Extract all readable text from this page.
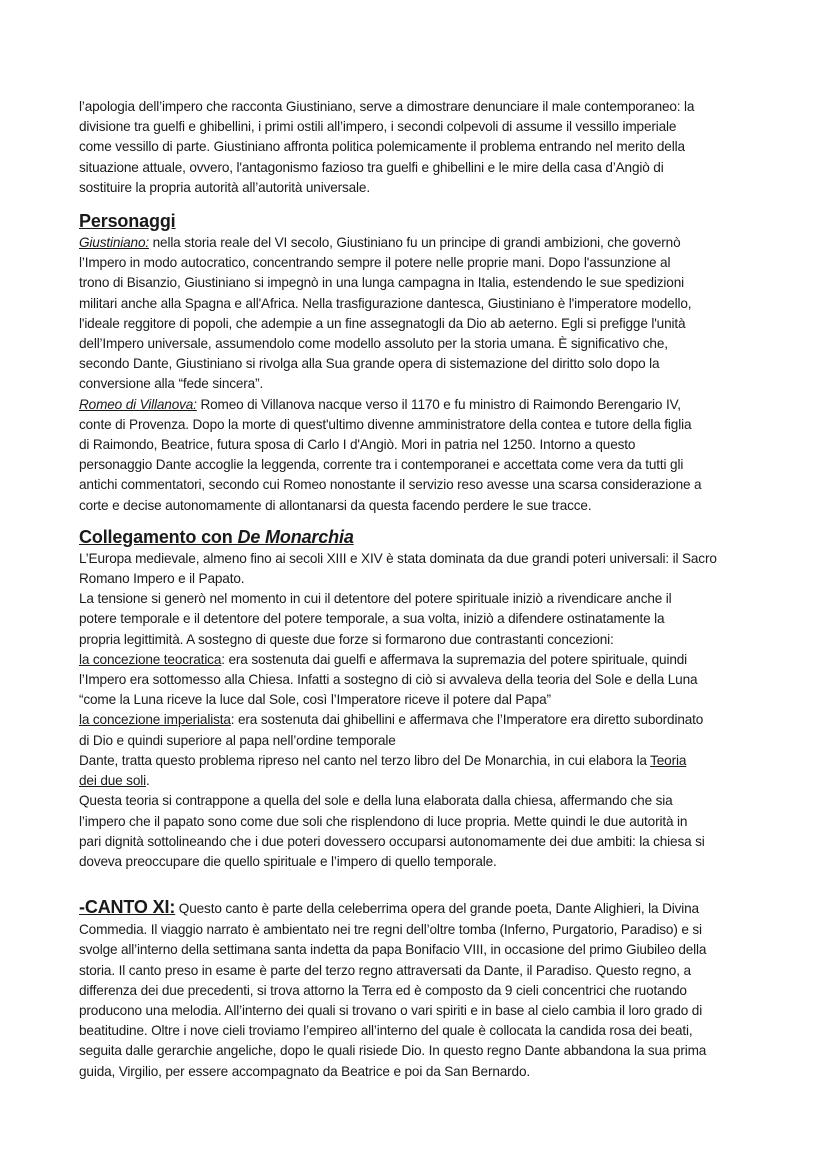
l’apologia dell’impero che racconta Giustiniano, serve a dimostrare denunciare il male contemporaneo: la
divisione tra guelfi e ghibellini, i primi ostili all’impero, i secondi colpevoli di assume il vessillo imperiale
come vessillo di parte. Giustiniano affronta politica polemicamente il problema entrando nel merito della
situazione attuale, ovvero, l'antagonismo fazioso tra guelfi e ghibellini e le mire della casa d’Angiò di
sostituire la propria autorità all’autorità universale.
Personaggi
Giustiniano: nella storia reale del VI secolo, Giustiniano fu un principe di grandi ambizioni, che governò
l’Impero in modo autocratico, concentrando sempre il potere nelle proprie mani. Dopo l'assunzione al
trono di Bisanzio, Giustiniano si impegnò in una lunga campagna in Italia, estendendo le sue spedizioni
militari anche alla Spagna e all'Africa. Nella trasfigurazione dantesca, Giustiniano è l'imperatore modello,
l'ideale reggitore di popoli, che adempie a un fine assegnatogli da Dio ab aeterno. Egli si prefigge l'unità
dell’Impero universale, assumendolo come modello assoluto per la storia umana. È significativo che,
secondo Dante, Giustiniano si rivolga alla Sua grande opera di sistemazione del diritto solo dopo la
conversione alla “fede sincera”.
Romeo di Villanova: Romeo di Villanova nacque verso il 1170 e fu ministro di Raimondo Berengario IV,
conte di Provenza. Dopo la morte di quest'ultimo divenne amministratore della contea e tutore della figlia
di Raimondo, Beatrice, futura sposa di Carlo I d'Angiò. Mori in patria nel 1250. Intorno a questo
personaggio Dante accoglie la leggenda, corrente tra i contemporanei e accettata come vera da tutti gli
antichi commentatori, secondo cui Romeo nonostante il servizio reso avesse una scarsa considerazione a
corte e decise autonomamente di allontanarsi da questa facendo perdere le sue tracce.
Collegamento con De Monarchia
L’Europa medievale, almeno fino ai secoli XIII e XIV è stata dominata da due grandi poteri universali: il Sacro
Romano Impero e il Papato.
La tensione si generò nel momento in cui il detentore del potere spirituale iniziò a rivendicare anche il
potere temporale e il detentore del potere temporale, a sua volta, iniziò a difendere ostinatamente la
propria legittimità. A sostegno di queste due forze si formarono due contrastanti concezioni:
la concezione teocratica: era sostenuta dai guelfi e affermava la supremazia del potere spirituale, quindi
l’Impero era sottomesso alla Chiesa. Infatti a sostegno di ciò si avvaleva della teoria del Sole e della Luna
“come la Luna riceve la luce dal Sole, così l’Imperatore riceve il potere dal Papa”
la concezione imperialista: era sostenuta dai ghibellini e affermava che l’Imperatore era diretto subordinato
di Dio e quindi superiore al papa nell’ordine temporale
Dante, tratta questo problema ripreso nel canto nel terzo libro del De Monarchia, in cui elabora la Teoria
dei due soli.
Questa teoria si contrappone a quella del sole e della luna elaborata dalla chiesa, affermando che sia
l’impero che il papato sono come due soli che risplendono di luce propria. Mette quindi le due autorità in
pari dignità sottolineando che i due poteri dovessero occuparsi autonomamente dei due ambiti: la chiesa si
doveva preoccupare die quello spirituale e l’impero di quello temporale.
-CANTO XI: Questo canto è parte della celeberrima opera del grande poeta, Dante Alighieri, la Divina
Commedia. Il viaggio narrato è ambientato nei tre regni dell’oltre tomba (Inferno, Purgatorio, Paradiso) e si
svolge all’interno della settimana santa indetta da papa Bonifacio VIII, in occasione del primo Giubileo della
storia. Il canto preso in esame è parte del terzo regno attraversati da Dante, il Paradiso. Questo regno, a
differenza dei due precedenti, si trova attorno la Terra ed è composto da 9 cieli concentrici che ruotando
producono una melodia. All’interno dei quali si trovano o vari spiriti e in base al cielo cambia il loro grado di
beatitudine. Oltre i nove cieli troviamo l’empireo all’interno del quale è collocata la candida rosa dei beati,
seguita dalle gerarchie angeliche, dopo le quali risiede Dio. In questo regno Dante abbandona la sua prima
guida, Virgilio, per essere accompagnato da Beatrice e poi da San Bernardo.
